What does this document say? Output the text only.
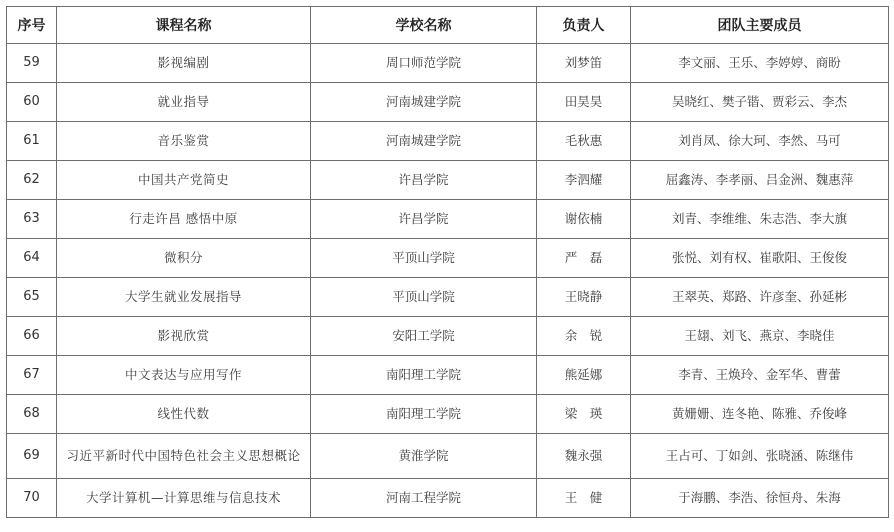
序号	课程名称	学校名称	负责人	团队主要成员
59	影视编剧	周口师范学院	刘梦笛	李文丽、王乐、李婷婷、商盼
60	就业指导	河南城建学院	田昊昊	吴晓红、樊子锴、贾彩云、李杰
61	音乐鉴赏	河南城建学院	毛秋惠	刘肖凤、徐大珂、李然、马可
62	中国共产党简史	许昌学院	李泗耀	屈鑫涛、李孝丽、吕金洲、魏惠萍
63	行走许昌 感悟中原	许昌学院	谢依楠	刘青、李维维、朱志浩、李大旗
64	微积分	平顶山学院	严　磊	张悦、刘有权、崔歌阳、王俊俊
65	大学生就业发展指导	平顶山学院	王晓静	王翠英、郑路、许彦奎、孙延彬
66	影视欣赏	安阳工学院	余　锐	王翃、刘飞、燕京、李晓佳
67	中文表达与应用写作	南阳理工学院	熊延娜	李青、王焕玲、金军华、曹蕾
68	线性代数	南阳理工学院	梁　瑛	黄姗姗、连冬艳、陈雅、乔俊峰
69	习近平新时代中国特色社会主义思想概论	黄淮学院	魏永强	王占可、丁如剑、张晓涵、陈继伟
70	大学计算机—计算思维与信息技术	河南工程学院	王　健	于海鹏、李浩、徐恒舟、朱海
